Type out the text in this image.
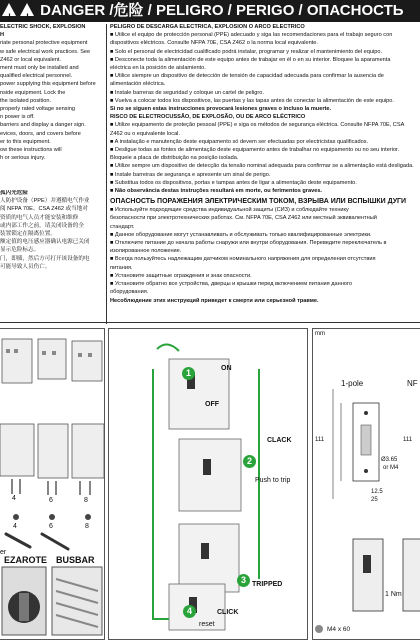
! ! DANGER /危险 / PELIGRO / PERIGO / ОПАСНОСТЬ

ELECTRIC SHOCK, EXPLOSION

H

riate personal protective equipment

w safe electrical work practices. See

Z462 or local equivalent.

ment must only be installed and

qualified electrical personnel.

power supplying this equipment before

nside equipment. Lock the

the isolated position.

properly rated voltage sensing

n power is off.

barriers and display a danger sign.

evices, doors, and covers before

er to this equipment.

ow these instructions will

h or serious injury.

孤闪光危险

人防护设备（PPE）并遵循电气作业

阅 NFPA 70E、CSA Z462 或当地对

资质的电气人员才能安装和维修

或内部工作之前，请关闭设备的全

装置锁定在隔离位置。

额定值的电压感应器确认电源已关闭

显示危险标志。

门，即插，然后方可打开该设备的电

可能导致人员伤亡。

PELIGRO DE DESCARGA ELÉCTRICA, EXPLOSIÓN O ARCO ELÉCTRICO

■ Utilice el equipo de protección personal (PPE) adecuado y siga las recomendaciones para el trabajo seguro con

dispositivos eléctricos. Consulte NFPA 70E, CSA Z462 o la norma local equivalente.

■ Solo el personal de electricidad cualificado podrá instalar, programar y realizar el mantenimiento del equipo.

■ Desconecte toda la alimentación de este equipo antes de trabajar en él o en su interior. Bloquee la aparamenta

eléctrica en la posición de aislamiento.

■ Utilice siempre un dispositivo de detección de tensión de capacidad adecuada para confirmar la ausencia de

alimentación eléctrica.

■ Instale barreras de seguridad y coloque un cartel de peligro.

■ Vuelva a colocar todos los dispositivos, las puertas y las tapas antes de conectar la alimentación de este equipo.

Si no se siguen estas instrucciones provocará lesiones graves o incluso la muerte.

RISCO DE ELECTROCUSSÃO, DE EXPLOSÃO, OU DE ARCO ELÉCTRICO

■ Utilize equipamento de proteção pessoal (PPE) e siga os métodos de segurança eléctrica. Consulte NFPA 70E, CSA

Z462 ou o equivalente local.

■ A instalação e manutenção deste equipamento só devem ser efectuadas por electricistas qualificados.

■ Desligue todas as fontes de alimentação deste equipamento antes de trabalhar no equipamento ou no seu interior.

Bloqueie a placa de distribuição na posição isolada.

■ Utilize sempre um dispositivo de detecção da tensão nominal adequada para confirmar se a alimentação está desligada.

■ Instale barreiras de segurança e apresente um sinal de perigo.

■ Substitua todos os dispositivos, portas e tampas antes de ligar a alimentação deste equipamento.

■ Não observância destas instruções resultará em morte, ou ferimentos graves.

ОПАСНОСТЬ ПОРАЖЕНИЯ ЭЛЕКТРИЧЕСКИМ ТОКОМ, ВЗРЫВА ИЛИ ВСПЫШКИ ДУГИ

■ Используйте подходящие средства индивидуальной защиты (СИЗ) и соблюдайте технику

безопасности при электротехнических работах. См. NFPA 70E, CSA Z462 или местный эквивалентный

стандарт.

■ Данное оборудование могут устанавливать и обслуживать только квалифицированные электрики.

■ Отключите питание до начала работы снаружи или внутри оборудования. Переведите переключатель в

изолированное положение.

■ Всегда пользуйтесь надлежащим датчиком номинального напряжения для определения отсутствия

питания.

■ Установите защитные ограждения и знак опасности.

■ Установите обратно все устройства, дверцы и крышки перед включением питания данного

оборудования.

Несоблюдение этих инструкций приведет к смерти или серьезной травме.

4	6	8
4	6	8
er
EZAROTE BUSBAR
1	ON
OFF
CLACK
2
Push to trip
3 TRIPPED
4
reset
CLICK
mm
1-pole	NF
111	111
Ø3.65
or M4
12.5
25
1 Nm
M4 x 60
